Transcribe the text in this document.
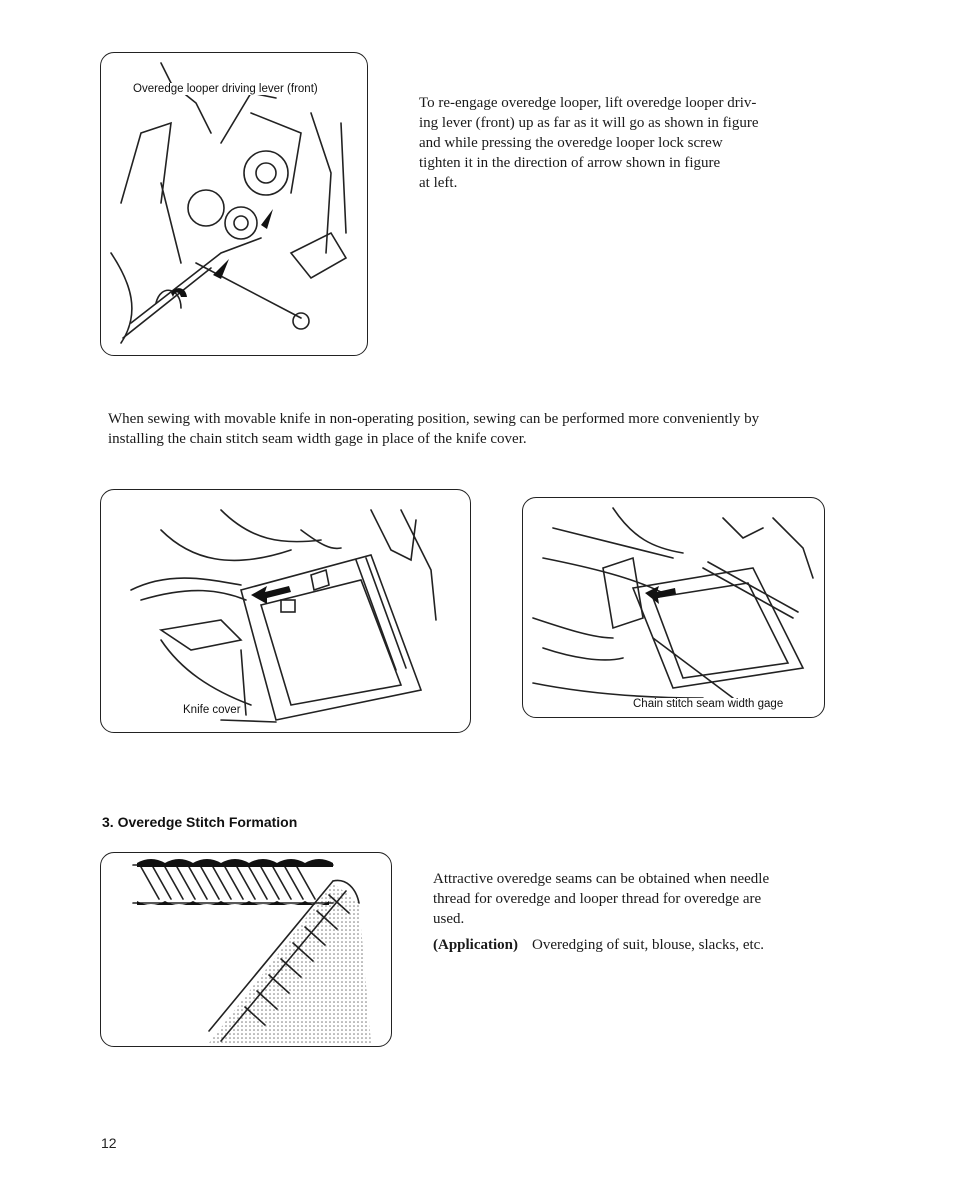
Overedge looper driving lever (front)

To re-engage overedge looper, lift overedge looper driv-

ing lever (front) up as far as it will go as shown in figure

and while pressing the overedge looper lock screw

tighten it in the direction of arrow shown in figure

at left.

When sewing with movable knife in non-operating position, sewing can be performed more conveniently by

installing the chain stitch seam width gage in place of the knife cover.

Knife cover	Chain stitch seam width gage
3. Overedge Stitch Formation

Attractive overedge seams can be obtained when needle

thread for overedge and looper thread for overedge are

used.

(Application) Overedging of suit, blouse, slacks, etc.
12
